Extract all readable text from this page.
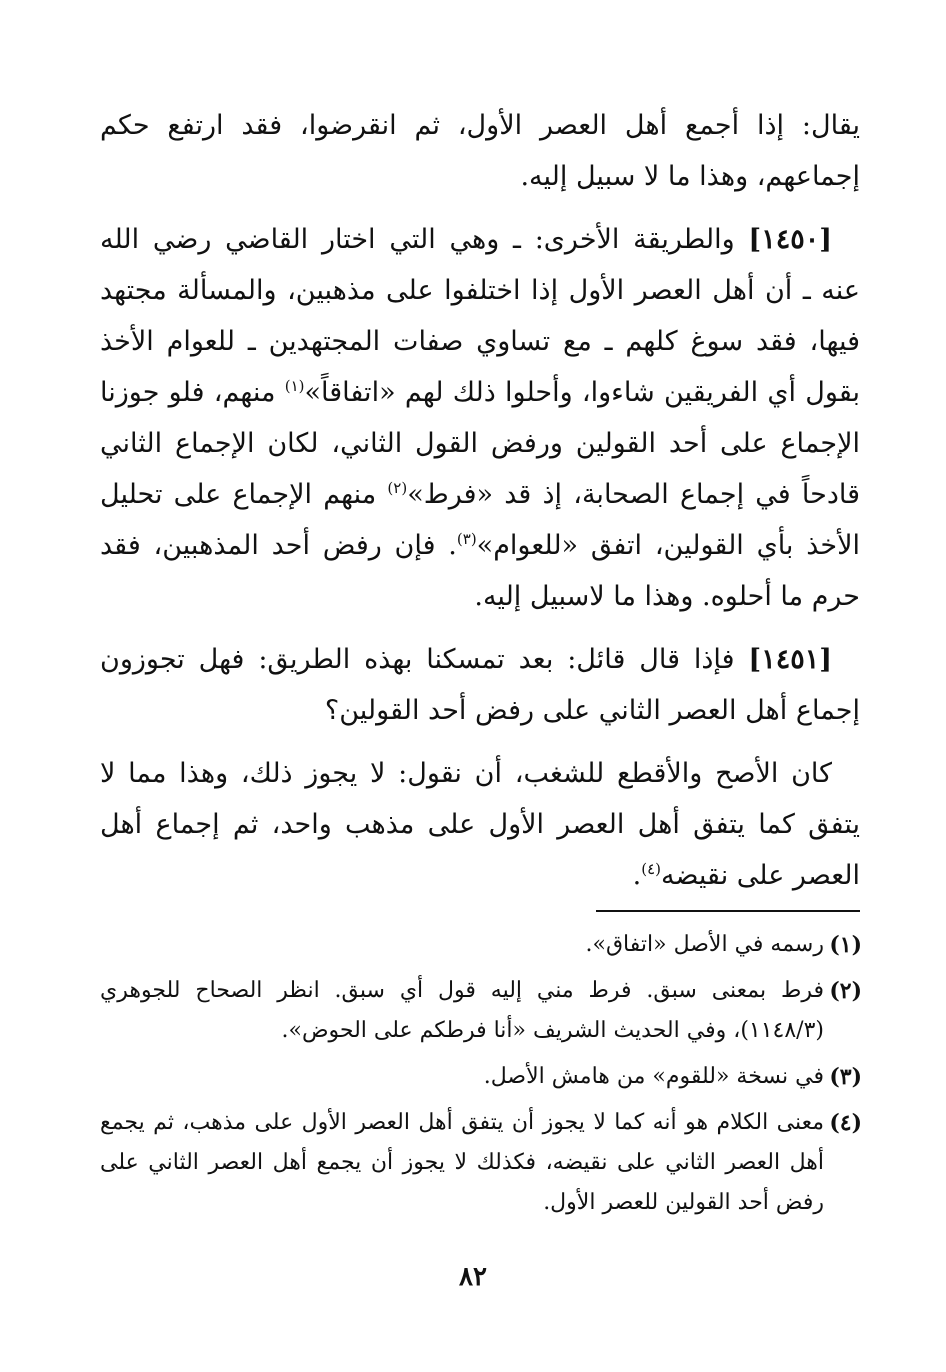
يقال: إذا أجمع أهل العصر الأول، ثم انقرضوا، فقد ارتفع حكم إجماعهم، وهذا ما لا سبيل إليه.

[١٤٥٠] والطريقة الأخرى: ـ وهي التي اختار القاضي رضي الله عنه ـ أن أهل العصر الأول إذا اختلفوا على مذهبين، والمسألة مجتهد فيها، فقد سوغ كلهم ـ مع تساوي صفات المجتهدين ـ للعوام الأخذ بقول أي الفريقين شاءوا، وأحلوا ذلك لهم «اتفاقاً»$^{(١)}$ منهم، فلو جوزنا الإجماع على أحد القولين ورفض القول الثاني، لكان الإجماع الثاني قادحاً في إجماع الصحابة، إذ قد «فرط»$^{(٢)}$ منهم الإجماع على تحليل الأخذ بأي القولين، اتفق «للعوام»$^{(٣)}$. فإن رفض أحد المذهبين، فقد حرم ما أحلوه. وهذا ما لاسبيل إليه.

[١٤٥١] فإذا قال قائل: بعد تمسكنا بهذه الطريق: فهل تجوزون إجماع أهل العصر الثاني على رفض أحد القولين؟

كان الأصح والأقطع للشغب، أن نقول: لا يجوز ذلك، وهذا مما لا يتفق كما يتفق أهل العصر الأول على مذهب واحد، ثم إجماع أهل العصر على نقيضه$^{(٤)}$.

(١)
رسمه في الأصل «اتفاق».
(٢)
فرط بمعنى سبق. فرط مني إليه قول أي سبق. انظر الصحاح للجوهري (١١٤٨/٣)، وفي الحديث الشريف «أنا فرطكم على الحوض».
(٣)
في نسخة «للقوم» من هامش الأصل.
(٤)
معنى الكلام هو أنه كما لا يجوز أن يتفق أهل العصر الأول على مذهب، ثم يجمع أهل العصر الثاني على نقيضه، فكذلك لا يجوز أن يجمع أهل العصر الثاني على رفض أحد القولين للعصر الأول.
٨٢
